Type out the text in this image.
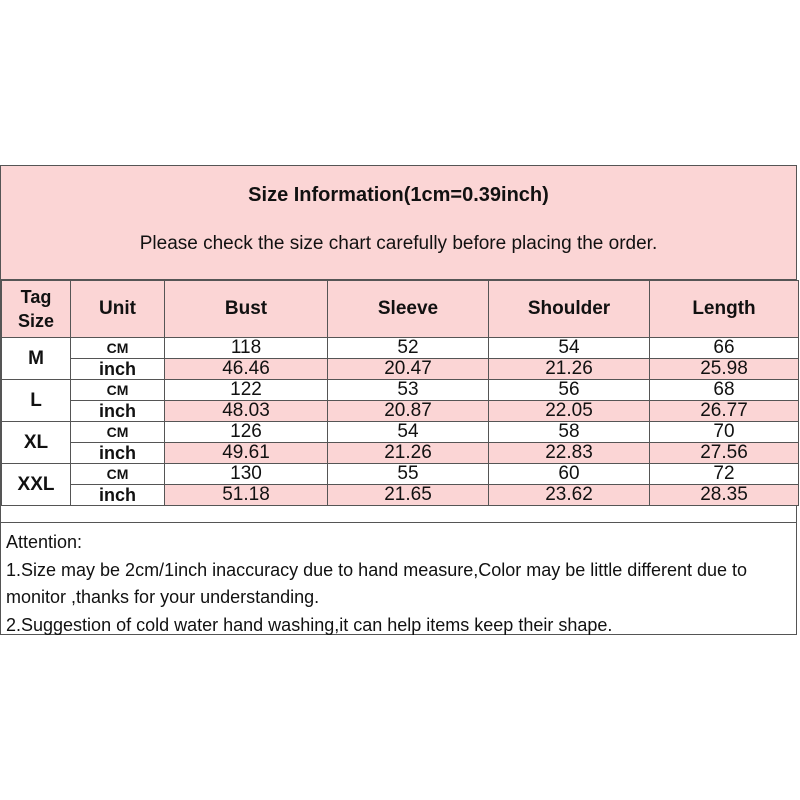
Size Information(1cm=0.39inch)
Please check the size chart carefully before placing the order.
Tag
Size	Unit	Bust	Sleeve	Shoulder	Length
M	CM	118	52	54	66
	inch	46.46	20.47	21.26	25.98
L	CM	122	53	56	68
	inch	48.03	20.87	22.05	26.77
XL	CM	126	54	58	70
	inch	49.61	21.26	22.83	27.56
XXL	CM	130	55	60	72
	inch	51.18	21.65	23.62	28.35
Attention:
1.Size may be 2cm/1inch inaccuracy due to hand measure,Color may be little different due to monitor ,thanks for your understanding.
2.Suggestion of cold water hand washing,it can help items keep their shape.
